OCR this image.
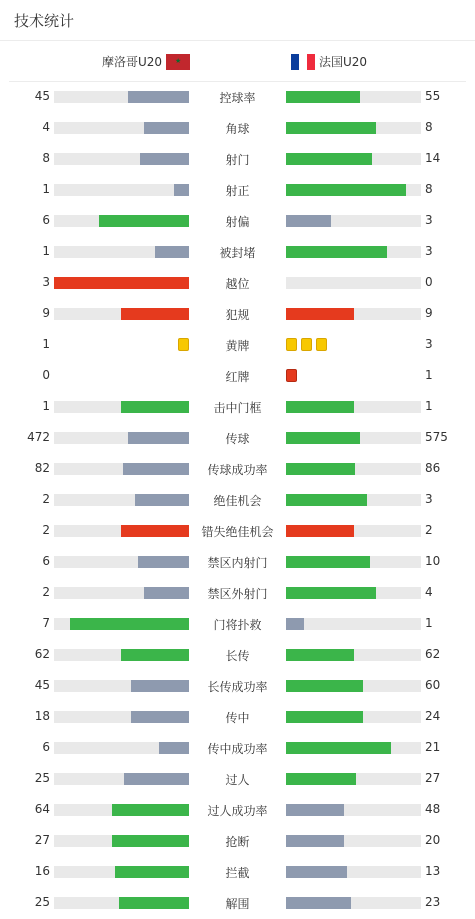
技术统计
摩洛哥U20
★	法国U20
45	控球率	55
4	角球	8
8	射门	14
1	射正	8
6	射偏	3
1	被封堵	3
3	越位	0
9	犯规	9
1	黄牌	3
0	红牌	1
1	击中门框	1
472	传球	575
82	传球成功率	86
2	绝佳机会	3
2	错失绝佳机会	2
6	禁区内射门	10
2	禁区外射门	4
7	门将扑救	1
62	长传	62
45	长传成功率	60
18	传中	24
6	传中成功率	21
25	过人	27
64	过人成功率	48
27	抢断	20
16	拦截	13
25	解围	23
